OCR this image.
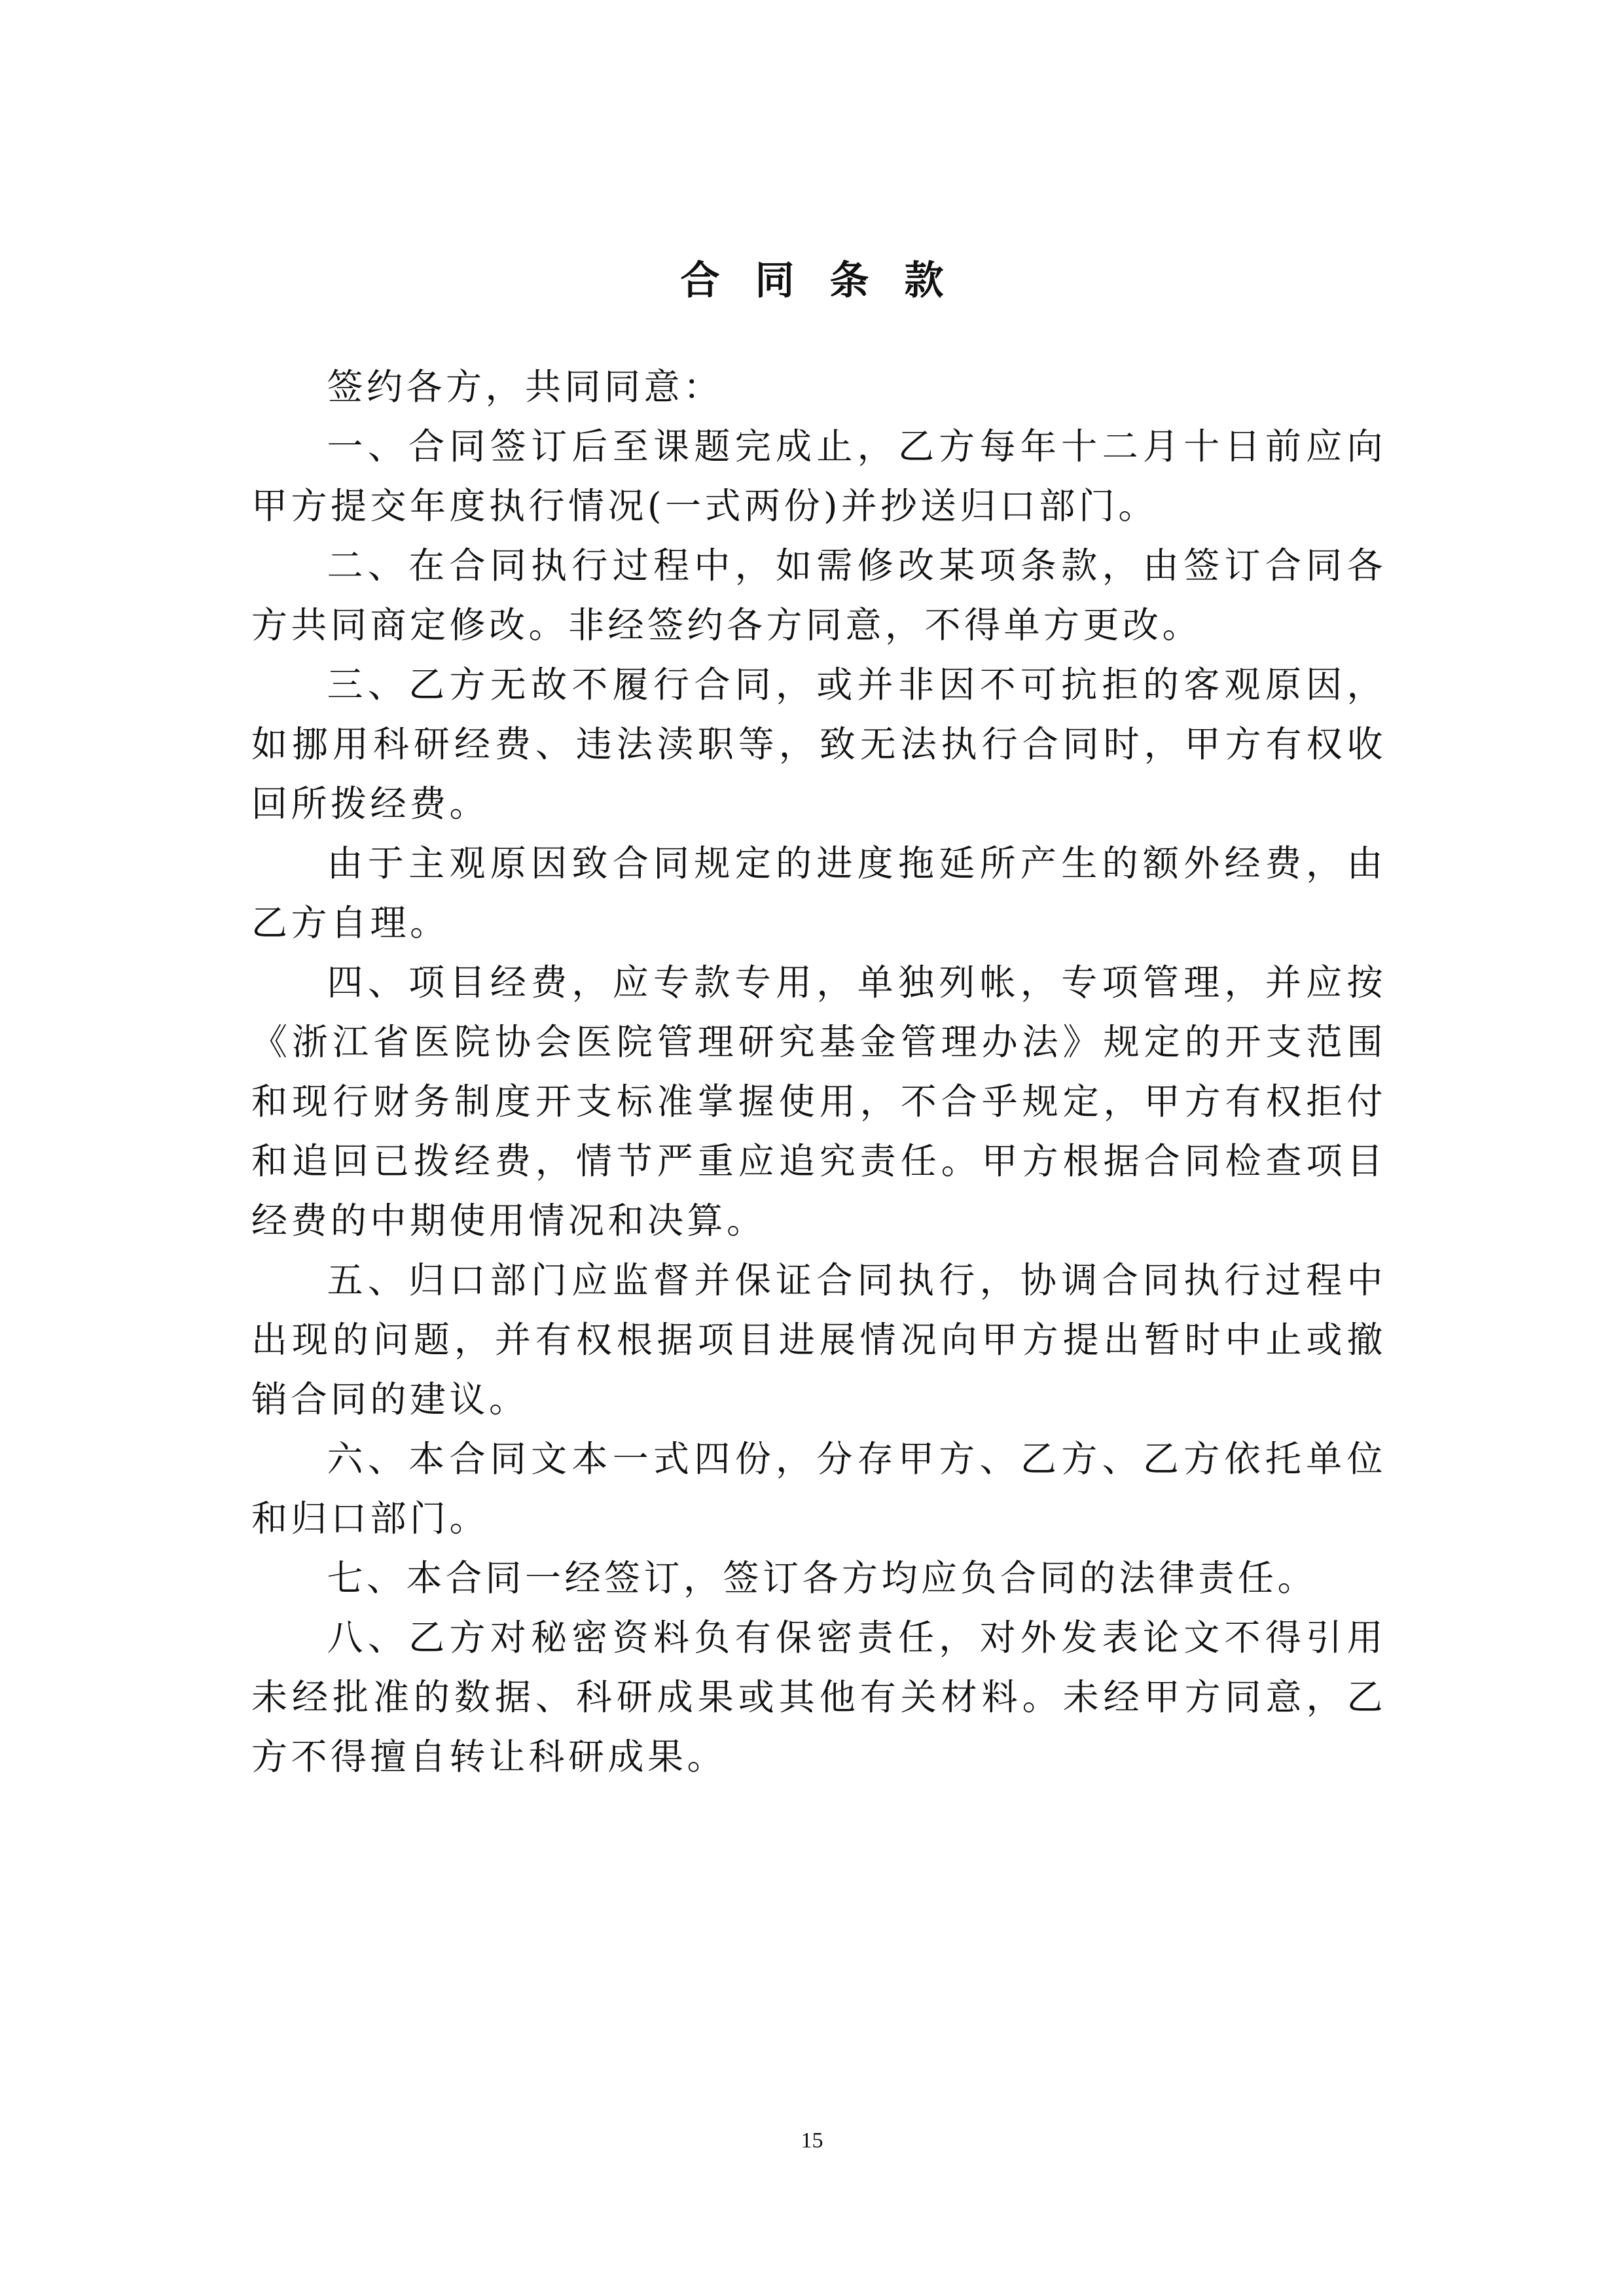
合同条款

签约各方，共同同意：

一、合同签订后至课题完成止，乙方每年十二月十日前应向甲方提交年度执行情况(一式两份)并抄送归口部门。

二、在合同执行过程中，如需修改某项条款，由签订合同各方共同商定修改。非经签约各方同意，不得单方更改。

三、乙方无故不履行合同，或并非因不可抗拒的客观原因，如挪用科研经费、违法渎职等，致无法执行合同时，甲方有权收回所拨经费。

由于主观原因致合同规定的进度拖延所产生的额外经费，由乙方自理。

四、项目经费，应专款专用，单独列帐，专项管理，并应按《浙江省医院协会医院管理研究基金管理办法》规定的开支范围和现行财务制度开支标准掌握使用，不合乎规定，甲方有权拒付和追回已拨经费，情节严重应追究责任。甲方根据合同检查项目经费的中期使用情况和决算。

五、归口部门应监督并保证合同执行，协调合同执行过程中出现的问题，并有权根据项目进展情况向甲方提出暂时中止或撤销合同的建议。

六、本合同文本一式四份，分存甲方、乙方、乙方依托单位和归口部门。

七、本合同一经签订，签订各方均应负合同的法律责任。

八、乙方对秘密资料负有保密责任，对外发表论文不得引用未经批准的数据、科研成果或其他有关材料。未经甲方同意，乙方不得擅自转让科研成果。

15
